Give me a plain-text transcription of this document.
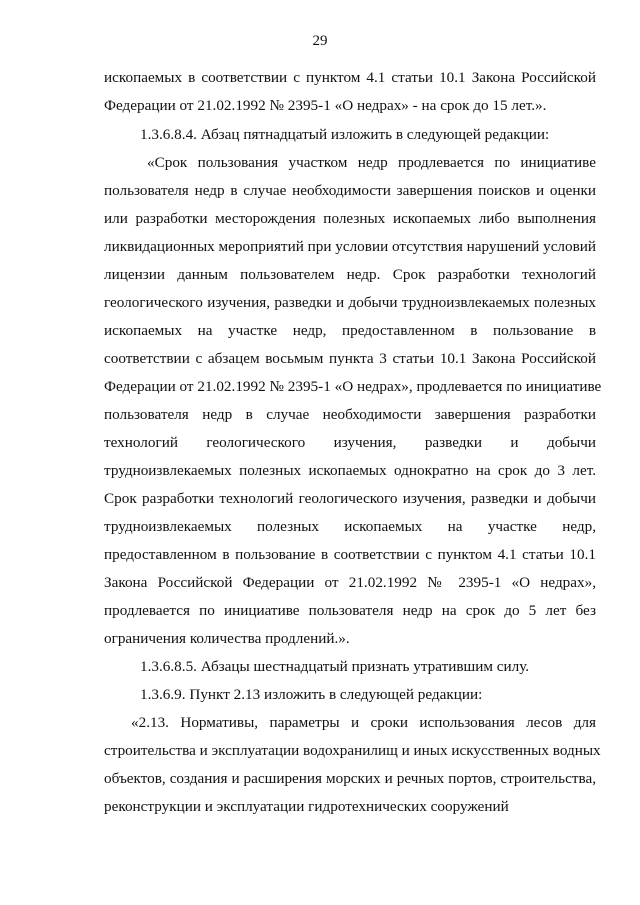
29
ископаемых в соответствии с пунктом 4.1 статьи 10.1 Закона Российской
Федерации от 21.02.1992 № 2395-1 «О недрах» - на срок до 15 лет.».
1.3.6.8.4. Абзац пятнадцатый изложить в следующей редакции:
«Срок пользования участком недр продлевается по инициативе
пользователя недр в случае необходимости завершения поисков и оценки
или разработки месторождения полезных ископаемых либо выполнения
ликвидационных мероприятий при условии отсутствия нарушений условий
лицензии данным пользователем недр. Срок разработки технологий
геологического изучения, разведки и добычи трудноизвлекаемых полезных
ископаемых на участке недр, предоставленном в пользование в
соответствии с абзацем восьмым пункта 3 статьи 10.1 Закона Российской
Федерации от 21.02.1992 № 2395-1 «О недрах», продлевается по инициативе
пользователя недр в случае необходимости завершения разработки
технологий геологического изучения, разведки и добычи
трудноизвлекаемых полезных ископаемых однократно на срок до 3 лет.
Срок разработки технологий геологического изучения, разведки и добычи
трудноизвлекаемых полезных ископаемых на участке недр,
предоставленном в пользование в соответствии с пунктом 4.1 статьи 10.1
Закона Российской Федерации от 21.02.1992 № 2395-1 «О недрах»,
продлевается по инициативе пользователя недр на срок до 5 лет без
ограничения количества продлений.».
1.3.6.8.5. Абзацы шестнадцатый признать утратившим силу.
1.3.6.9. Пункт 2.13 изложить в следующей редакции:
«2.13. Нормативы, параметры и сроки использования лесов для
строительства и эксплуатации водохранилищ и иных искусственных водных
объектов, создания и расширения морских и речных портов, строительства,
реконструкции и эксплуатации гидротехнических сооружений
